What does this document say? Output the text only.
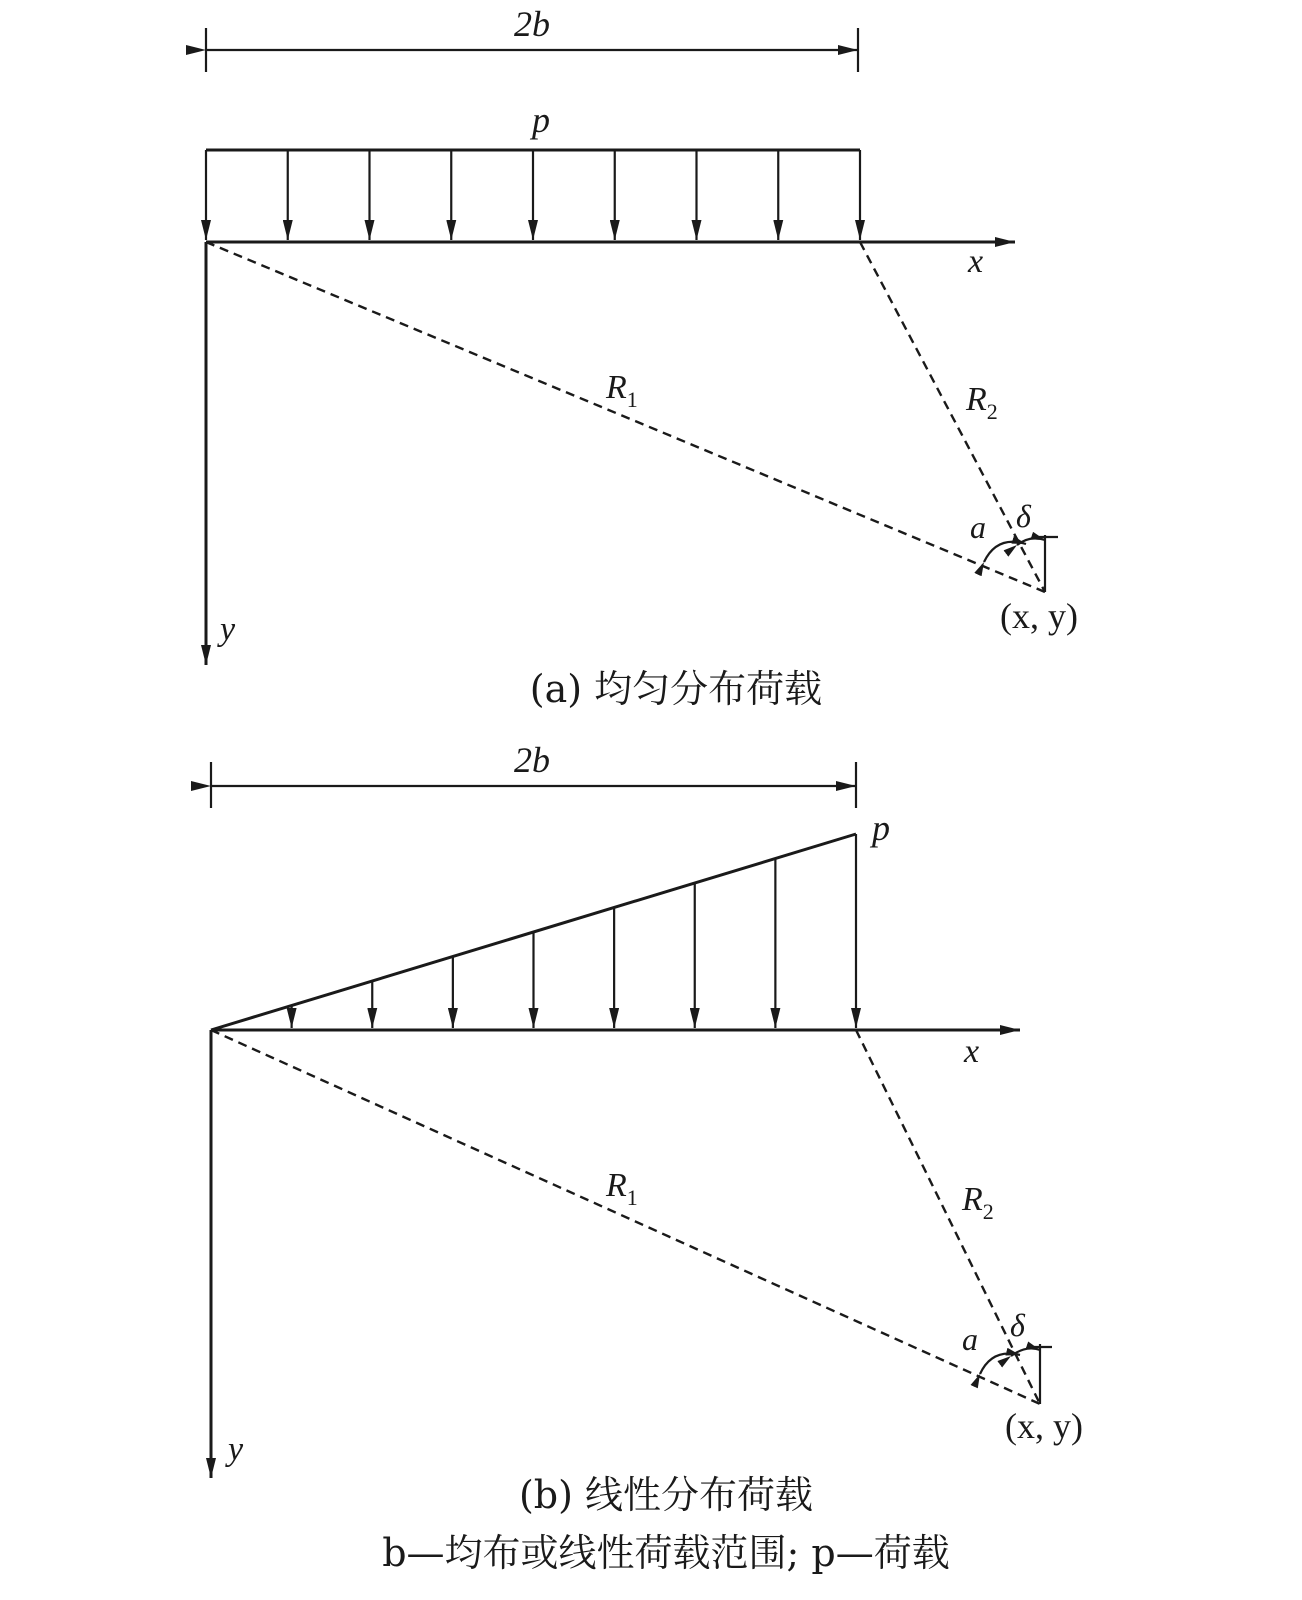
2b
p
x
y
$R_1$	$R_2$
a δ
(x, y)
(a) 均匀分布荷载
2b
p
x
y
$R_1$	$R_2$
a δ
(x, y)
(b) 线性分布荷载
b—均布或线性荷载范围; p—荷载
